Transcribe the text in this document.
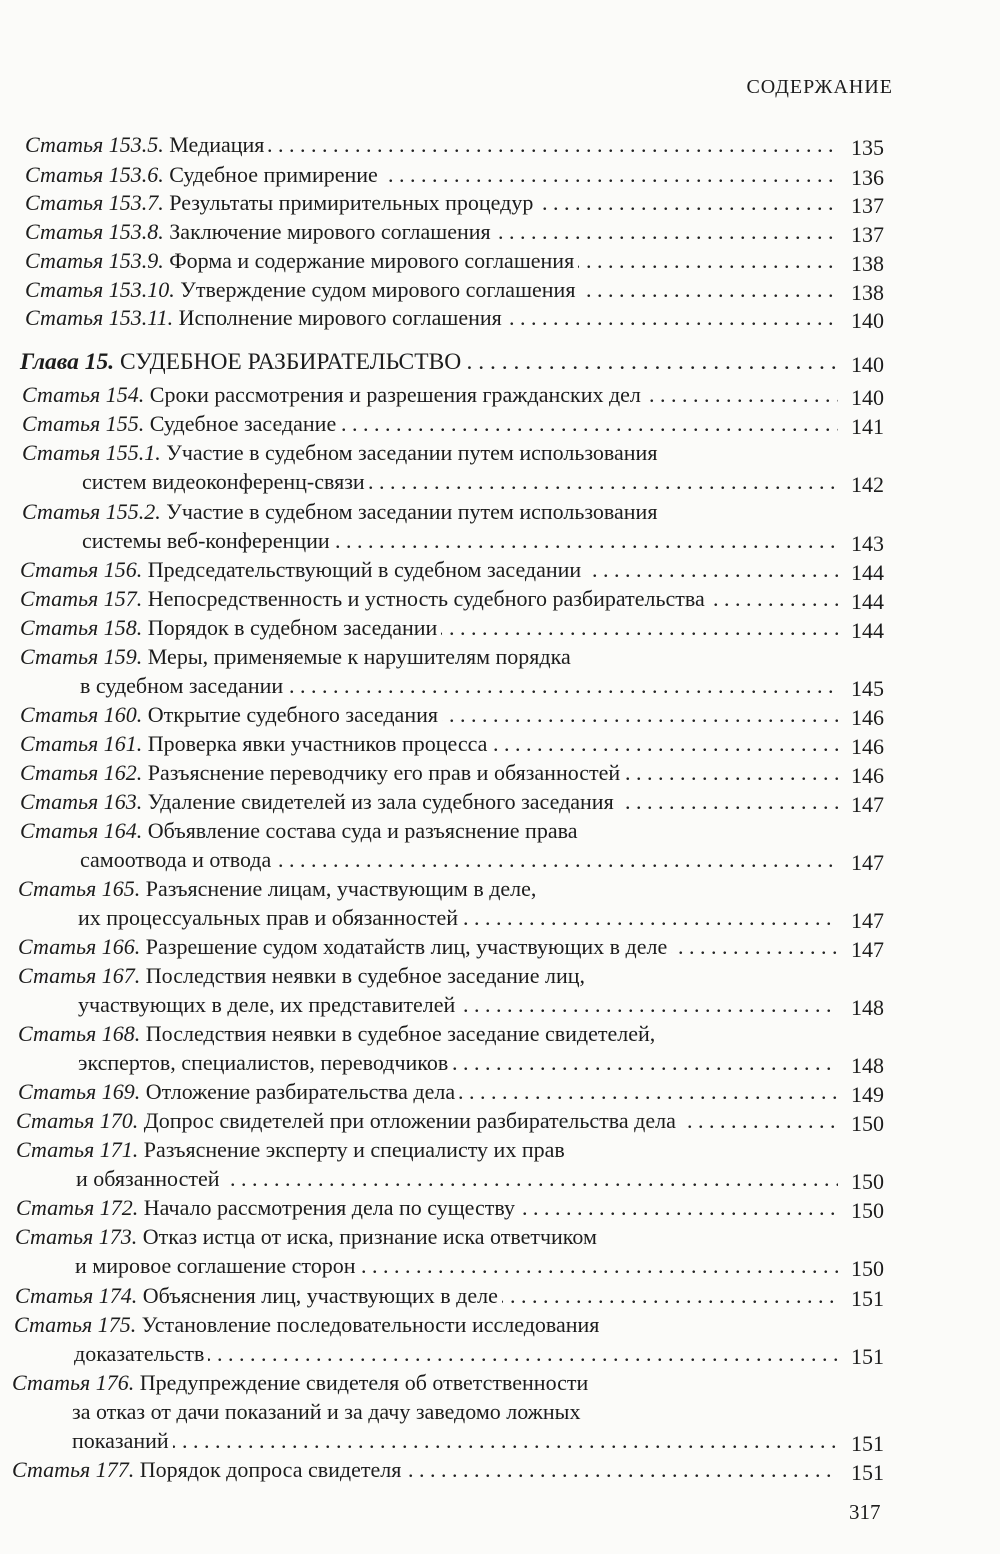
СОДЕРЖАНИЕ
. . .
Статья 153.5. Медиация	135
. . .
Статья 153.6. Судебное примирение	136
. . .
Статья 153.7. Результаты примирительных процедур	137
. . .
Статья 153.8. Заключение мирового соглашения	137
. . .
Статья 153.9. Форма и содержание мирового соглашения	138
. . .
Статья 153.10. Утверждение судом мирового соглашения	138
. . .
Статья 153.11. Исполнение мирового соглашения	140
. . .
Глава 15. СУДЕБНОЕ РАЗБИРАТЕЛЬСТВО	140
. . .
Статья 154. Сроки рассмотрения и разрешения гражданских дел	140
. . .
Статья 155. Судебное заседание	141
Статья 155.1. Участие в судебном заседании путем использования
. . .
систем видеоконференц-связи	142
Статья 155.2. Участие в судебном заседании путем использования
. . .
системы веб-конференции	143
. . .
Статья 156. Председательствующий в судебном заседании	144
. . .
Статья 157. Непосредственность и устность судебного разбирательства	144
. . .
Статья 158. Порядок в судебном заседании	144
Статья 159. Меры, применяемые к нарушителям порядка
. . .
в судебном заседании	145
. . .
Статья 160. Открытие судебного заседания	146
. . .
Статья 161. Проверка явки участников процесса	146
. . .
Статья 162. Разъяснение переводчику его прав и обязанностей	146
. . .
Статья 163. Удаление свидетелей из зала судебного заседания	147
Статья 164. Объявление состава суда и разъяснение права
. . .
самоотвода и отвода	147
Статья 165. Разъяснение лицам, участвующим в деле,
. . .
их процессуальных прав и обязанностей	147
. . .
Статья 166. Разрешение судом ходатайств лиц, участвующих в деле	147
Статья 167. Последствия неявки в судебное заседание лиц,
. . .
участвующих в деле, их представителей	148
Статья 168. Последствия неявки в судебное заседание свидетелей,
. . .
экспертов, специалистов, переводчиков	148
. . .
Статья 169. Отложение разбирательства дела	149
. . .
Статья 170. Допрос свидетелей при отложении разбирательства дела	150
Статья 171. Разъяснение эксперту и специалисту их прав
. . .
и обязанностей	150
. . .
Статья 172. Начало рассмотрения дела по существу	150
Статья 173. Отказ истца от иска, признание иска ответчиком
. . .
и мировое соглашение сторон	150
. . .
Статья 174. Объяснения лиц, участвующих в деле	151
Статья 175. Установление последовательности исследования
. . .
доказательств	151
Статья 176. Предупреждение свидетеля об ответственности
за отказ от дачи показаний и за дачу заведомо ложных
. . .
показаний	151
. . .
Статья 177. Порядок допроса свидетеля	151
317
